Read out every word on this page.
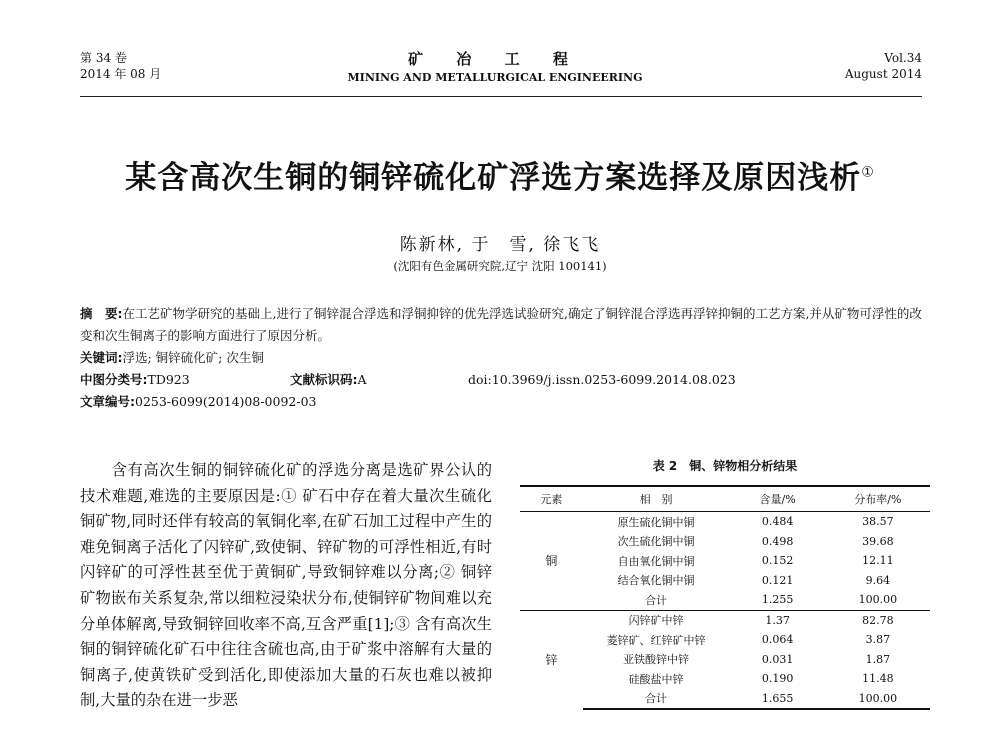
第 34 卷
2014 年 08 月
矿 冶 工 程
MINING AND METALLURGICAL ENGINEERING
Vol.34
August 2014
某含高次生铜的铜锌硫化矿浮选方案选择及原因浅析①
陈新林, 于　雪, 徐飞飞
(沈阳有色金属研究院,辽宁 沈阳 100141)
摘　要:在工艺矿物学研究的基础上,进行了铜锌混合浮选和浮铜抑锌的优先浮选试验研究,确定了铜锌混合浮选再浮锌抑铜的工艺方案,并从矿物可浮性的改变和次生铜离子的影响方面进行了原因分析。
关键词:浮选; 铜锌硫化矿; 次生铜
中图分类号:TD923	文献标识码:A	doi:10.3969/j.issn.0253-6099.2014.08.023
文章编号:0253-6099(2014)08-0092-03
含有高次生铜的铜锌硫化矿的浮选分离是选矿界公认的技术难题,难选的主要原因是:① 矿石中存在着大量次生硫化铜矿物,同时还伴有较高的氧铜化率,在矿石加工过程中产生的难免铜离子活化了闪锌矿,致使铜、锌矿物的可浮性相近,有时闪锌矿的可浮性甚至优于黄铜矿,导致铜锌难以分离;② 铜锌矿物嵌布关系复杂,常以细粒浸染状分布,使铜锌矿物间难以充分单体解离,导致铜锌回收率不高,互含严重[1];③ 含有高次生铜的铜锌硫化矿石中往往含硫也高,由于矿浆中溶解有大量的铜离子,使黄铁矿受到活化,即使添加大量的石灰也难以被抑制,大量的杂在进一步恶
表 2　铜、锌物相分析结果
元素	相　别	含量/%	分布率/%
铜	原生硫化铜中铜	0.484	38.57
	次生硫化铜中铜	0.498	39.68
	自由氧化铜中铜	0.152	12.11
	结合氧化铜中铜	0.121	9.64
	合计	1.255	100.00
锌	闪锌矿中锌	1.37	82.78
	菱锌矿、红锌矿中锌	0.064	3.87
	亚铁酸锌中锌	0.031	1.87
	硅酸盐中锌	0.190	11.48
	合计	1.655	100.00
